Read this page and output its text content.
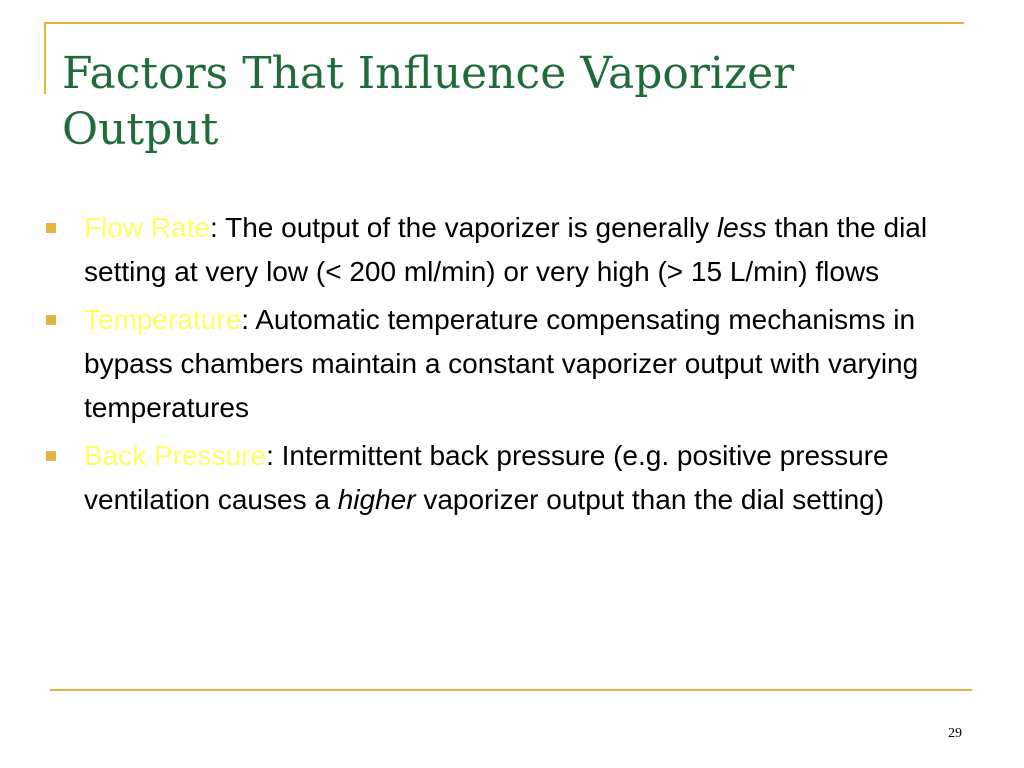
Factors That Influence Vaporizer
Output
Flow Rate: The output of the vaporizer is generally less than the dial setting at very low (< 200 ml/min) or very high (> 15 L/min) flows
Temperature: Automatic temperature compensating mechanisms in bypass chambers maintain a constant vaporizer output with varying temperatures
Back Pressure: Intermittent back pressure (e.g. positive pressure ventilation causes a higher vaporizer output than the dial setting)
29
